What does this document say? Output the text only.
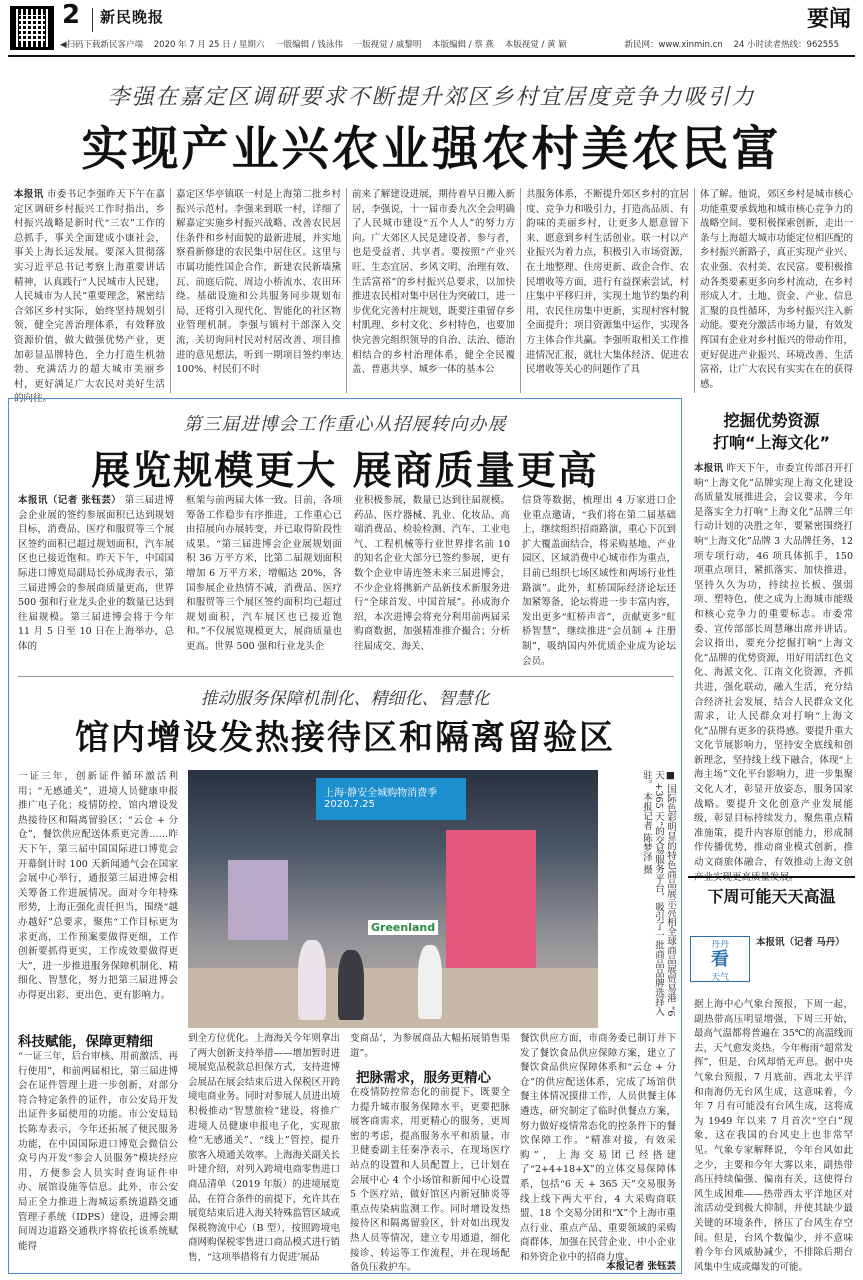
2 新民晚报	要闻
◀扫码下载新民客户端 2020 年 7 月 25 日 / 星期六 一版编辑 / 钱泳伟 一版视觉 / 戚黎明 本版编辑 / 蔡 燕 本版视觉 / 黄 颖	新民网：www.xinmin.cn 24 小时读者热线：962555
李强在嘉定区调研要求不断提升郊区乡村宜居度竞争力吸引力
实现产业兴农业强农村美农民富
本报讯 市委书记李强昨天下午在嘉定区调研乡村振兴工作时指出，乡村振兴战略是新时代“三农”工作的总抓手，事关全面建成小康社会，事关上海长远发展。要深入贯彻落实习近平总书记考察上海重要讲话精神，认真践行“人民城市人民建，人民城市为人民”重要理念，紧密结合郊区乡村实际，始终坚持规划引领，健全完善治理体系，有效释放资源价值，做大做强优势产业，更加彰显品牌特色，全力打造生机勃勃、充满活力的超大城市美丽乡村，更好满足广大农民对美好生活的向往。
嘉定区华亭镇联一村是上海第二批乡村振兴示范村。李强来到联一村，详细了解嘉定实施乡村振兴战略、改善农民居住条件和乡村面貌的最新进展，并实地察看新修建的农民集中居住区。这里与市属功能性国企合作，新建农民新墙黛瓦、前庭后院、周边小桥流水、农田环绕。基础设施和公共服务同步规划布局，还将引入现代化、智能化的社区物业管理机制。李强与镇村干部深入交流，关切询问村民对村居改善、项目推进的意见想法，听到一期项目签约率达 100%、村民们不时
前来了解建设进展，期待着早日搬入新居，李强说，十一届市委九次全会明确了人民城市建设“五个人人”的努力方向。广大郊区人民是建设者、参与者，也是受益者、共享者。要按照“产业兴旺、生态宜居、乡风文明、治理有效、生活富裕”的乡村振兴总要求，以加快推进农民相对集中居住为突破口，进一步优化完善村庄规划，既要注重留存乡村肌理、乡村文化、乡村特色，也要加快完善完组织领导的自治、法治、德治相结合的乡村治理体系，健全全民覆盖、普惠共享、城乡一体的基本公
共服务体系，不断提升郊区乡村的宜居度、竞争力和吸引力，打造高品质、有韵味的美丽乡村，让更多人愿意留下来、愿意到乡村生活创业。联一村以产业振兴为着力点，积极引入市场资源，在土地整理、住房更新、政企合作、农民增收等方面，进行有益探索尝试，村庄集中平移归并，实现土地节约集约利用，农民住房集中更新，实现村容村貌全面提升；项目资源集中运作，实现各方主体合作共赢。李强听取相关工作推进情况汇报，就壮大集体经济、促进农民增收等关心的问题作了具
体了解。他说，郊区乡村是城市核心功能重要承载地和城市核心竞争力的战略空间。要积极探索创新，走出一条与上海超大城市功能定位相匹配的乡村振兴新路子，真正实现产业兴、农业强、农村美、农民富。要积极推动各类要素更多向乡村流动，在乡村形成人才、土地、资金、产业、信息汇聚的良性循环，为乡村振兴注入新动能。要充分激活市场力量，有效发挥国有企业对乡村振兴的带动作用，更好促进产业振兴、环境改善、生活富裕，让广大农民有实实在在的获得感。
第三届进博会工作重心从招展转向办展
展览规模更大 展商质量更高
本报讯（记者 张钰芸） 第三届进博会企业展的签约参展面积已达到规划目标，消费品、医疗和服贸等三个展区签约面积已超过规划面积，汽车展区也已接近饱和。昨天下午，中国国际进口博览局副局长孙成海表示，第三届进博会的参展商质量更高，世界 500 强和行业龙头企业的数量已达到往届规模。第三届进博会将于今年 11 月 5 日至 10 日在上海举办，总体的
框架与前两届大体一致。目前，各项筹备工作稳步有序推进，工作重心已由招展向办展转变，并已取得阶段性成果。“第三届进博会企业展规划面积 36 万平方米，比第二届规划面积增加 6 万平方米，增幅达 20%，各国参展企业热情不减，消费品、医疗和服贸等三个展区签约面积均已超过规划面积，汽车展区也已接近饱和。”不仅展览规模更大，展商质量也更高。世界 500 强和行业龙头企
业积极参展，数量已达到往届规模。药品、医疗器械、乳业、化妆品、高端消费品、检验检测、汽车、工业电气、工程机械等行业世界排名前 10 的知名企业大部分已签约参展，更有数个企业申请连签未来三届进博会，不少企业将携新产品新技术新服务进行“全球首发、中国首展”。孙成海介绍，本次进博会将充分利用前两届采购商数据，加强精准推介撮合；分析往届成交、海关、
信贷等数据，梳理出 4 万家进口企业重点邀请，“我们将在第二届基础上，继续组织招商路演，重心下沉到扩大覆盖面结合，将采购基地、产业园区、区域消费中心城市作为重点，目前已组织七场区域性和两场行业性路演”。此外，虹桥国际经济论坛还加紧筹备，论坛将进一步丰富内容，发出更多“虹桥声音”，贡献更多“虹桥智慧”，继续推进“会员制 + 注册制”，吸纳国内外优质企业成为论坛会员。
推动服务保障机制化、精细化、智慧化
馆内增设发热接待区和隔离留验区
一证三年，创新证件循环激活利用；“无感通关”，进境人员健康申报推广电子化；疫情防控，馆内增设发热接待区和隔离留验区；“云仓 + 分仓”，餐饮供应配送体系更完善……昨天下午，第三届中国国际进口博览会开幕倒计时 100 天新闻通气会在国家会展中心举行，通报第三届进博会相关筹备工作进展情况。面对今年特殊形势，上海正强化责任担当，围绕“越办越好”总要求，聚焦“工作目标更为求更高，工作预案要做得更细，工作创新要抓得更实，工作成效要做得更大”，进一步推进服务保障机制化、精细化、智慧化，努力把第三届进博会办得更出彩、更出色、更有影响力。
科技赋能，保障更精细
“一证三年，后台审核、用前激活、再行使用”，和前两届相比，第三届进博会在证件管理上进一步创新，对部分符合特定条件的证件，市公安局开发出证件多届使用的功能。市公安局局长陈寿表示，今年还拓展了便民服务功能，在中国国际进口博览会微信公众号内开发“参会人员服务”模块经应用，方便参会人员实时查询证件申办、展馆设施等信息。此外，市公安局正全力推进上海城运系统道路交通管理子系统（IDPS）建设，进博会期间周边道路交通秩序将依托该系统赋能得
上海·静安全城购物消费季
2020.7.25
Greenland	■ 国际色彩明显的特色商品展示亮相全球商品展贸易港 “6 天 +365 天”的交易服务平台，吸引了一批商品品牌选择入驻。 本报记者 陈梦泽 摄
到全方位优化。上海海关今年则拿出了两大创新支持举措——增加暂时进境展览品税款总担保方式，支持进博会展品在展会结束后进入保税区开跨境电商业务。同时对参展人员进出境积极推动“智慧旅检”建设，将推广进境人员健康申报电子化，实现旅检“无感通关”、“线上”管控，提升旅客入境通关效率。上海海关副关长叶建介绍，对列入跨境电商零售进口商品清单（2019 年版）的进境展览品，在符合条件的前提下，允许其在展览结束后进入海关特殊监管区域或保税物流中心（B 型），按照跨境电商网购保税零售进口商品模式进行销售，“这项举措将有力促进’展品
变商品’，为参展商品大幅拓展销售渠道”。
把脉需求，服务更精心
在疫情防控常态化的前提下，既要全力提升城市服务保障水平，更要把脉展客商需求，用更精心的服务，更周密的考虑，提高服务水平和质量。市卫健委副主任秦净表示，在现场医疗站点的设置和人员配置上，已计划在会展中心 4 个小场馆和新闻中心设置 5 个医疗站，做好馆区内新冠肺炎等重点传染病监测工作。同时增设发热接待区和隔离留验区，针对如出现发热人员等情况，建立专用通道，细化接诊、转运等工作流程，并在现场配备负压救护车。
餐饮供应方面，市商务委已制订并下发了餐饮食品供应保障方案，建立了餐饮食品供应保障体系和“云仓 + 分仓”的供应配送体系，完成了场馆供餐主体情况摸排工作，人员供餐主体遴选，研究制定了临时供餐点方案，努力做好疫情常态化的控条件下的餐饮保障工作。“精准对接，有效采购”，上海交易团已经搭建了“2+4+18+X”的立体交易保障体系，包括“6 天 + 365 天”交易服务线上线下两大平台，4 大采购商联盟、18 个交易分团和“X”个上海市重点行业、重点产品、重要领域的采购商群体，加强在民营企业、中小企业和外资企业中的招商力度。
本报记者 张钰芸
挖掘优势资源
打响“上海文化”
本报讯 昨天下午，市委宣传部召开打响“上海文化”品牌实现上海文化建设高质量发展推进会，会议要求，今年是落实全力打响“上海文化”品牌三年行动计划的决胜之年，要紧密围绕打响“上海文化”品牌 3 大品牌任务，12 项专项行动，46 项具体抓手，150 项重点项目，紧抓落实、加快推进，坚持久久为功，持续拉长板、强弱项、塑特色，使之成为上海城市能级和核心竞争力的重要标志。市委常委、宣传部部长周慧琳出席并讲话。会议指出，要充分挖掘打响“上海文化”品牌的优势资源，用好用活红色文化、海派文化、江南文化资源，齐抓共进，强化联动，融入生活，充分结合经济社会发展，结合人民群众文化需求，让人民群众对打响“上海文化”品牌有更多的获得感。要提升重大文化节展影响力，坚持安全底线和创新理念，坚持线上线下融合，体现“上海主场”文化平台影响力，进一步集聚文化人才，彰显开放姿态，服务国家战略。要提升文化创意产业发展能级，彰显目标持续发力，聚焦重点精准施策，提升内容原创能力，形成制作传播优势，推动商业模式创新，推动文商旅体融合，有效推动上海文创
下周可能天天高温
丹丹
看
天气
本报讯（记者 马丹）
据上海中心气象台预报，下周一起，副热带高压明显增强，下周三开始，最高气温都将普遍在 35℃的高温线而去，天气愈发炎热。今年梅雨“超常发挥”，但是，台风却悄无声息。据中央气象台预报，7 月底前，西北太平洋和南海仍无台风生成，这意味着，今年 7 月有可能没有台风生成，这将成为 1949 年以来 7 月首次“空白”现象，这在我国的台风史上也非常罕见。气象专家解释说，今年台风如此之少，主要和今年大雾以来，副热带高压持续偏强、偏南有关，这使得台风生成困难——热带西太平洋地区对流活动受到极大抑制，并使其缺少最关键的环境条件，挤压了台风生存空间。但是，台风个数偏少，并不意味着今年台风威胁减少，不排除后期台风集中生成或爆发的可能。
